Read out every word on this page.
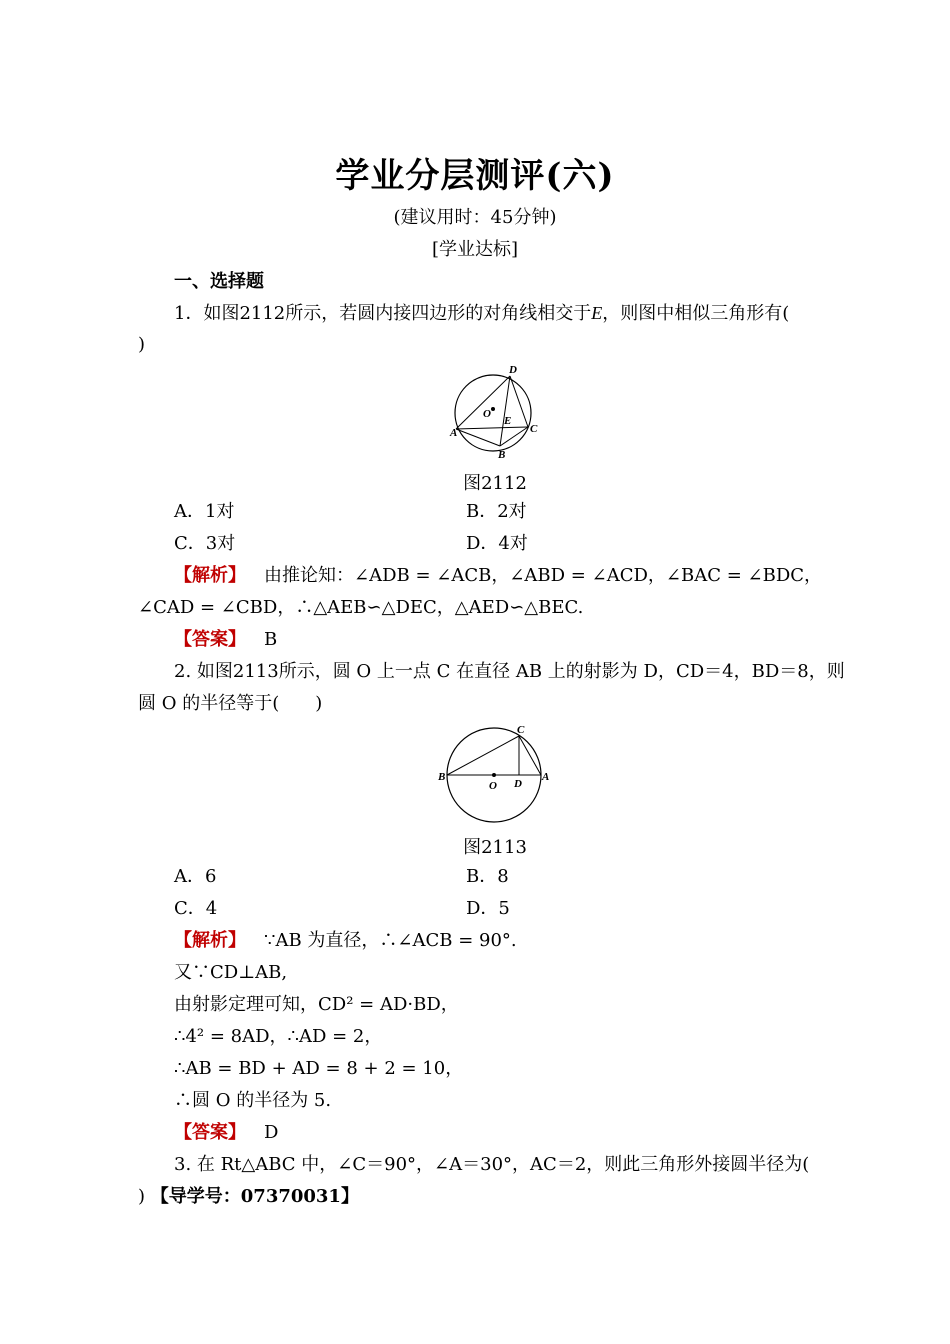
学业分层测评(六)
(建议用时：45分钟)
[学业达标]
一、选择题
1．如图2112所示，若圆内接四边形的对角线相交于E，则图中相似三角形有(
)
D
O
E
A	C
B
图2112
A．1对	B．2对
C．3对	D．4对
【解析】  由推论知：∠ADB = ∠ACB，∠ABD = ∠ACD，∠BAC = ∠BDC，
∠CAD = ∠CBD，∴△AEB∽△DEC，△AED∽△BEC.
【答案】  B
2. 如图2113所示，圆 O 上一点 C 在直径 AB 上的射影为 D，CD＝4，BD＝8，则
圆 O 的半径等于(　　)
C
B
O D
A
图2113
A．6	B．8
C．4	D．5
【解析】  ∵AB 为直径，∴∠ACB = 90°.
又∵CD⊥AB,
由射影定理可知，CD² = AD·BD，
∴4² = 8AD，∴AD = 2，
∴AB = BD + AD = 8 + 2 = 10，
∴圆 O 的半径为 5.
【答案】  D
3. 在 Rt△ABC 中，∠C＝90°，∠A＝30°，AC＝2，则此三角形外接圆半径为(
) 【导学号：07370031】
